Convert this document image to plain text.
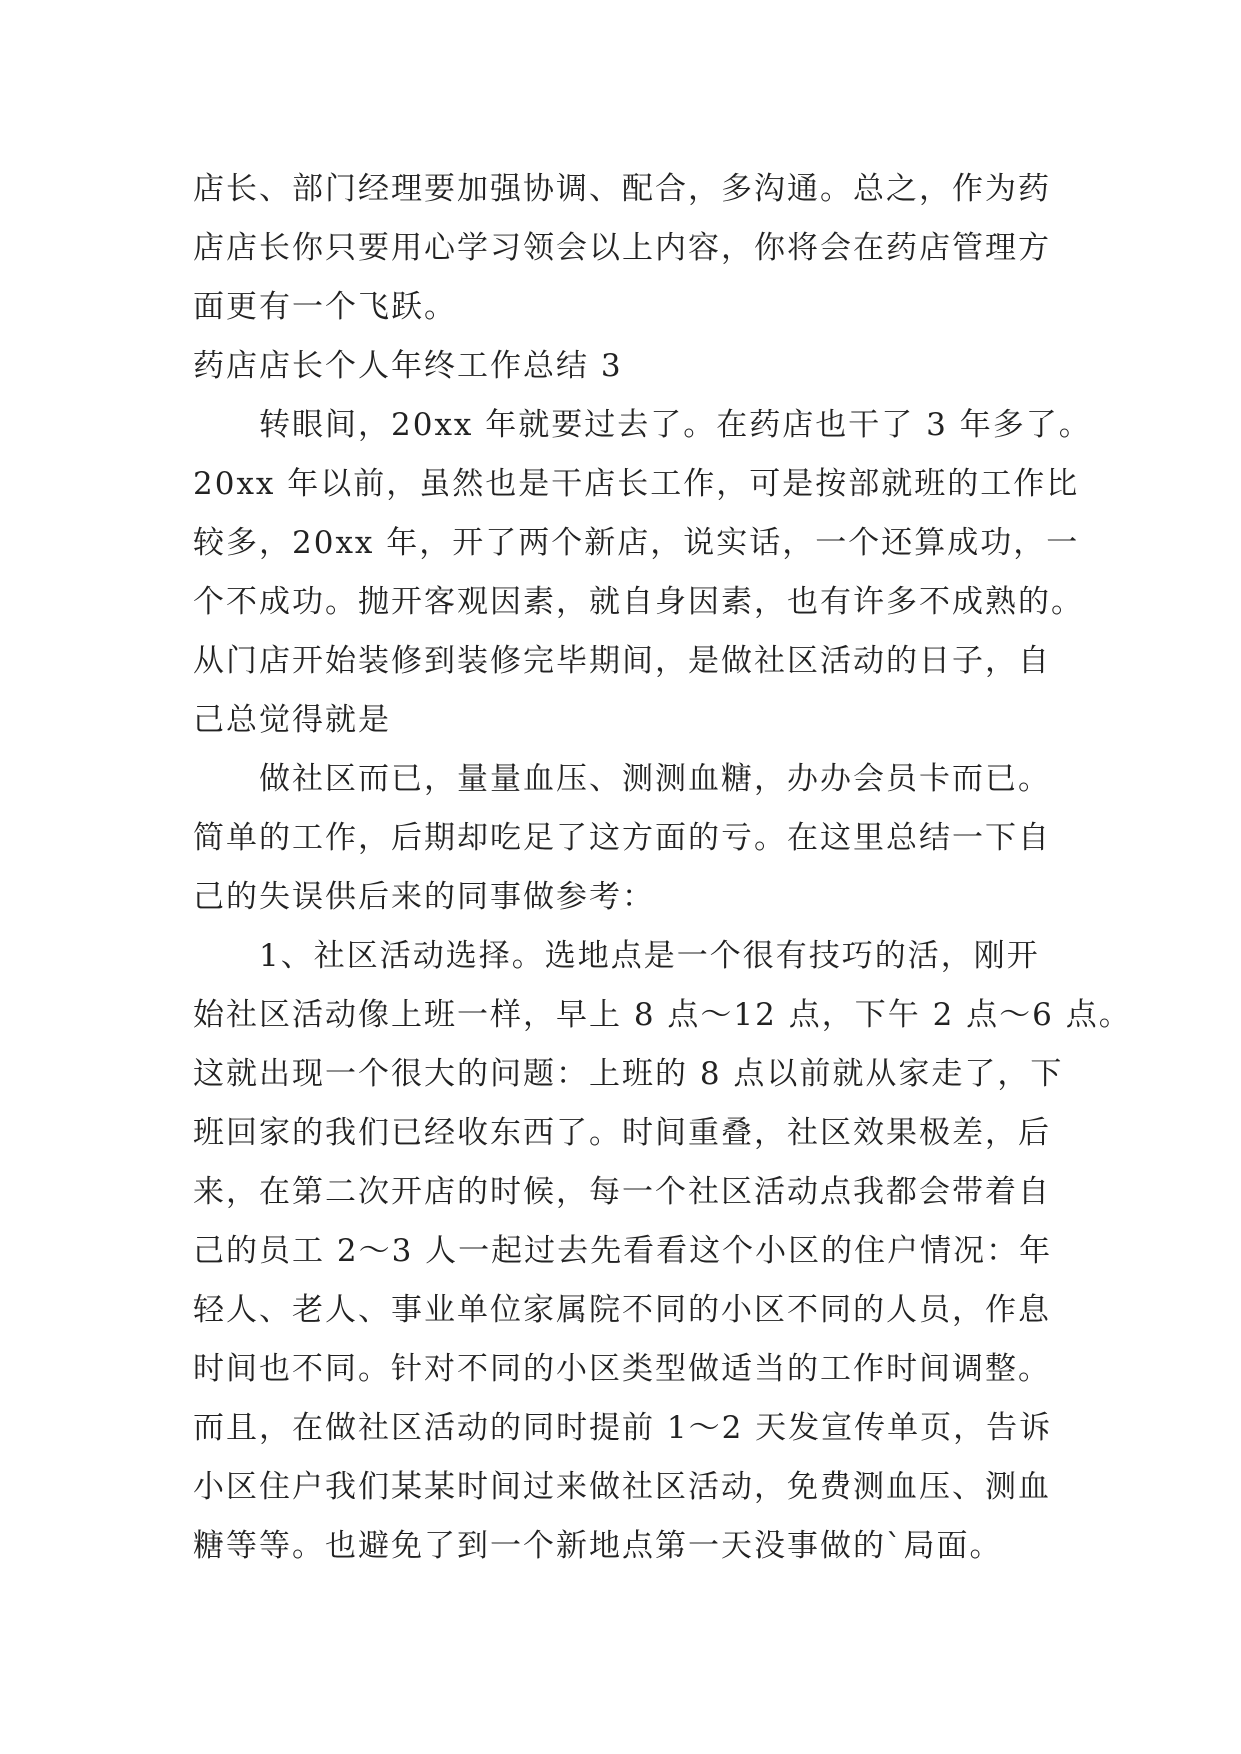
店长、部门经理要加强协调、配合，多沟通。总之，作为药
店店长你只要用心学习领会以上内容，你将会在药店管理方
面更有一个飞跃。
药店店长个人年终工作总结 3
转眼间，20xx 年就要过去了。在药店也干了 3 年多了。
20xx 年以前，虽然也是干店长工作，可是按部就班的工作比
较多，20xx 年，开了两个新店，说实话，一个还算成功，一
个不成功。抛开客观因素，就自身因素，也有许多不成熟的。
从门店开始装修到装修完毕期间，是做社区活动的日子，自
己总觉得就是
做社区而已，量量血压、测测血糖，办办会员卡而已。
简单的工作，后期却吃足了这方面的亏。在这里总结一下自
己的失误供后来的同事做参考：
1、社区活动选择。选地点是一个很有技巧的活，刚开
始社区活动像上班一样，早上 8 点～12 点，下午 2 点～6 点。
这就出现一个很大的问题：上班的 8 点以前就从家走了，下
班回家的我们已经收东西了。时间重叠，社区效果极差，后
来，在第二次开店的时候，每一个社区活动点我都会带着自
己的员工 2～3 人一起过去先看看这个小区的住户情况：年
轻人、老人、事业单位家属院不同的小区不同的人员，作息
时间也不同。针对不同的小区类型做适当的工作时间调整。
而且，在做社区活动的同时提前 1～2 天发宣传单页，告诉
小区住户我们某某时间过来做社区活动，免费测血压、测血
糖等等。也避免了到一个新地点第一天没事做的`局面。
